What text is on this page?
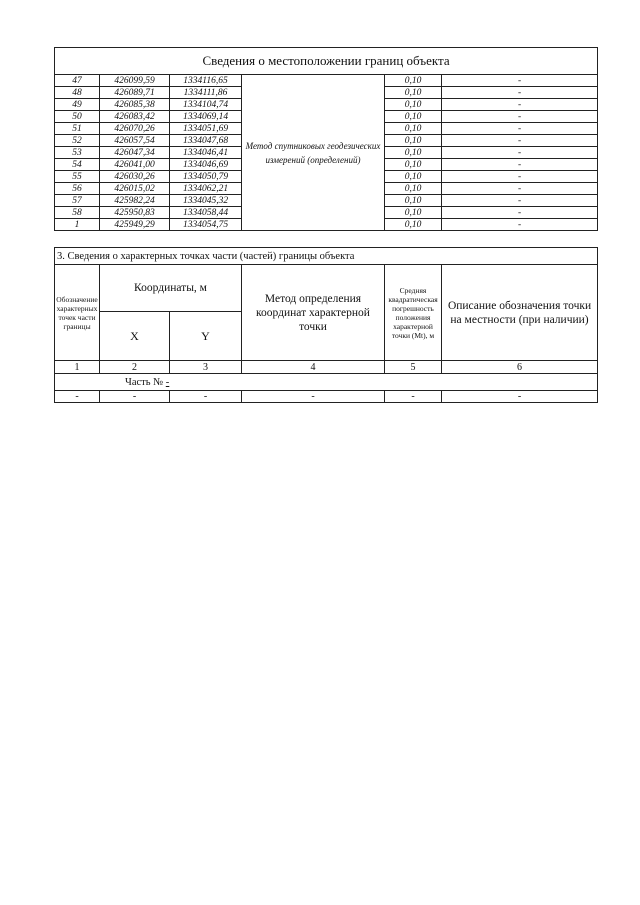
Сведения о местоположении границ объекта					
47	426099,59	1334116,65	Метод спутниковых геодезических измерений (определений)	0,10	-
48	426089,71	1334111,86		0,10	-
49	426085,38	1334104,74		0,10	-
50	426083,42	1334069,14		0,10	-
51	426070,26	1334051,69		0,10	-
52	426057,54	1334047,68		0,10	-
53	426047,34	1334046,41		0,10	-
54	426041,00	1334046,69		0,10	-
55	426030,26	1334050,79		0,10	-
56	426015,02	1334062,21		0,10	-
57	425982,24	1334045,32		0,10	-
58	425950,83	1334058,44		0,10	-
1	425949,29	1334054,75		0,10	-
3. Сведения о характерных точках части (частей) границы объекта					
Обозначение характерных точек части границы	Координаты, м		Метод определения координат характерной точки	Средняя квадратическая погрешность положения характерной точки (Mt), м	Описание обозначения точки на местности (при наличии)
	X	Y			
1	2	3	4	5	6
Часть № -					
-	-	-	-	-	-
